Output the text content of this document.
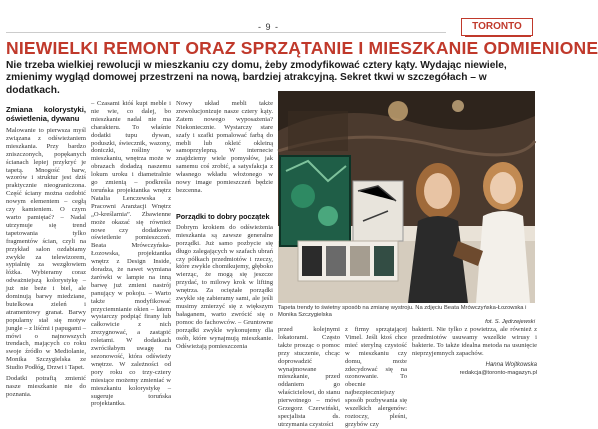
- 9 -	TORONTO
NIEWIELKI REMONT ORAZ SPRZĄTANIE I MIESZKANIE ODMIENIONE
Nie trzeba wielkiej rewolucji w mieszkaniu czy domu, żeby zmodyfikować cztery kąty. Wydając niewiele, zmienimy wygląd domowej przestrzeni na nową, bardziej atrakcyjną. Sekret tkwi w szczegółach – w dodatkach.
Zmiana kolorystyki, oświetlenia, dywanu

Malowanie to pierwsza myśl związana z odświeżaniem mieszkania. Przy bardzo zniszczonych, popękanych ścianach lepiej przykryć je tapetą. Mnogość barw, wzorów i struktur jest dziś praktycznie nieograniczona. Część ściany można ozdobić nowym elementem – cegłą czy kamieniem. O czym warto pamiętać? – Nadal utrzymuje się trend tapetowania tylko fragmentów ścian, czyli na przykład salon ozdabiamy zwykle za telewizorem, sypialnię za wezgłowiem łóżka. Wybieramy coraz odważniejszą kolorystykę – już nie beże i biel, ale dominują barwy miedziane, butelkowa zieleń i atramentowy granat. Barwy popularny stał się motyw jungle – z liśćmi i papugami – mówi o najnowszych trendach, mających co roku swoje źródło w Mediolanie, Monika Szczygielska ze Studio Podłóg, Drzwi i Tapet.

Dodatki potrafią zmienić nasze mieszkanie nie do poznania.

– Czasami któś kupi meble i nie wie, co dalej, bo mieszkanie nadal nie ma charakteru. To właśnie dodatki tupu dywan, poduszki, świecznik, wazony, doniczki, rośliny w mieszkaniu, wnętrza może w obrazach dodadzą naszemu lokum uroku i diametralnie go zmienią – podkreśla toruńska projektantka wnętrz Natalia Lenczewska z Pracowni Aranżacji Wnętrz „O-kreślarnia”. Zbawienne może okazać się również nowe czy dodatkowe oświetlenie pomieszczeń. Beata Mrówczyńska-Łozowska, projektantka wnętrz z Design Inside, doradza, że nawet wymiana żarówki w lampie na inną barwę już zmieni nastrój panujący w pokoju. – Warto także modyfikować przyciemnianie okien – latem wystarczy podpiąć firany lub całkowicie z nich zrezygnować, a zastąpić roletami. W dodatkach zwróciłabym uwagę na sezonowość, która odświeży wnętrze. W zależności od pory roku co trzy-cztery miesiące możemy zmieniać w mieszkaniu kolorystykę – sugeruje toruńska projektantka.

Nowy układ mebli także zrewolucjonizuje nasze cztery kąty. Zatem nowego wyposażenia? Niekoniecznie. Wystarczy stare szafy i szafki pomalować farbą do mebli lub okleić okleiną samoprzylepną. W internecie znajdziemy wiele pomysłów, jak samemu coś zrobić, a satysfakcja z własnego wkładu włożonego w nowy image pomieszczeń będzie bezcenna.

Porządki to dobry początek

Dobrym krokiem do odświeżenia mieszkania są zawsze generalne porządki. Już samo pozbycie się długo zalegających w szafach ubrań czy półkach przedmiotów i rzeczy, które zwykle chomikujemy, głęboko wierząc, że mogą się jeszcze przydać, to milowy krok w lifting wnętrza. Za ociężałe porządki zwykle się zabieramy sami, ale jeśli musimy zmierzyć się z większym bałaganem, warto zwrócić się o pomoc do fachowców. – Gruntowne porządki zwykle wykonujemy dla osób, które wynajmują mieszkanie. Odświeżają pomieszczenia

Tapeta trendy to świetny sposób na zmianę wystroju. Na zdjęciu Beata Mrówczyńska-Łozowska i Monika Szczygielska
fot. S. Jędrzejewski

przed kolejnymi lokatorami. Często także prosząc o pomoc przy stuczenie, chcąc doprowadzić wynajmowane mieszkanie, przed oddaniem go właścicielowi, do stanu pierwotnego – mówi Grzegorz Czerwiński, specjalista ds. utrzymania czystości

z firmy sprzątającej Vimel. Jeśli ktoś chce mieć sterylną czystość w mieszkaniu czy domu, może zdecydować się na ozonowanie. To obecnie najbezpieczniejszy sposób pozbywania się wszelkich alergenów: roztoczy, pleśni, grzybów czy

bakterii. Nie tylko z powietrza, ale również z przedmiotów usuwamy wszelkie wirusy i bakterie. To także idealna metoda na usunięcie nieprzyjemnych zapachów.

Hanna Wojtkowska
redakcja@toronto-magazyn.pl
